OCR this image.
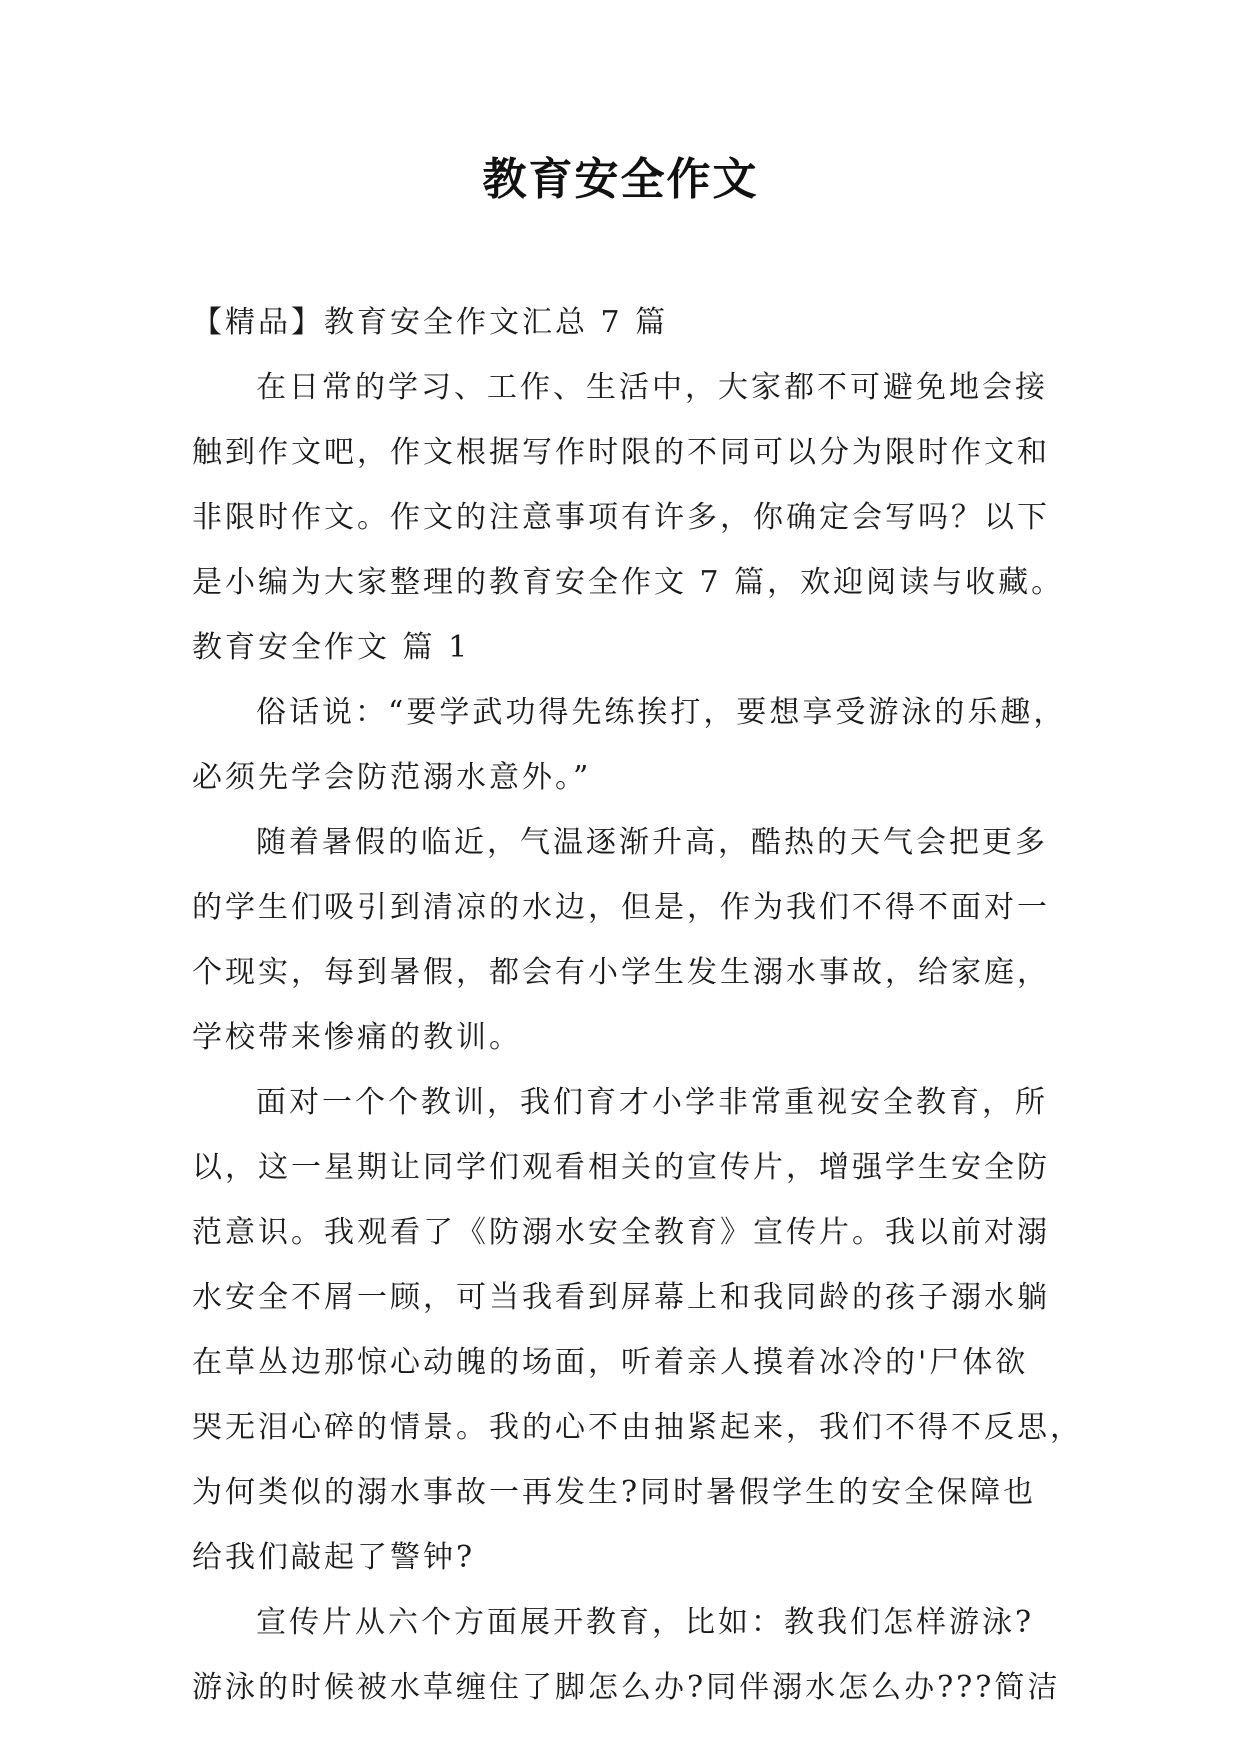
教育安全作文
【精品】教育安全作文汇总 7 篇
在日常的学习、工作、生活中，大家都不可避免地会接
触到作文吧，作文根据写作时限的不同可以分为限时作文和
非限时作文。作文的注意事项有许多，你确定会写吗？以下
是小编为大家整理的教育安全作文 7 篇，欢迎阅读与收藏。
教育安全作文 篇 1
俗话说：“要学武功得先练挨打，要想享受游泳的乐趣，
必须先学会防范溺水意外。”
随着暑假的临近，气温逐渐升高，酷热的天气会把更多
的学生们吸引到清凉的水边，但是，作为我们不得不面对一
个现实，每到暑假，都会有小学生发生溺水事故，给家庭，
学校带来惨痛的教训。
面对一个个教训，我们育才小学非常重视安全教育，所
以，这一星期让同学们观看相关的宣传片，增强学生安全防
范意识。我观看了《防溺水安全教育》宣传片。我以前对溺
水安全不屑一顾，可当我看到屏幕上和我同龄的孩子溺水躺
在草丛边那惊心动魄的场面，听着亲人摸着冰冷的'尸体欲
哭无泪心碎的情景。我的心不由抽紧起来，我们不得不反思，
为何类似的溺水事故一再发生?同时暑假学生的安全保障也
给我们敲起了警钟?
宣传片从六个方面展开教育，比如：教我们怎样游泳?
游泳的时候被水草缠住了脚怎么办?同伴溺水怎么办???简洁
